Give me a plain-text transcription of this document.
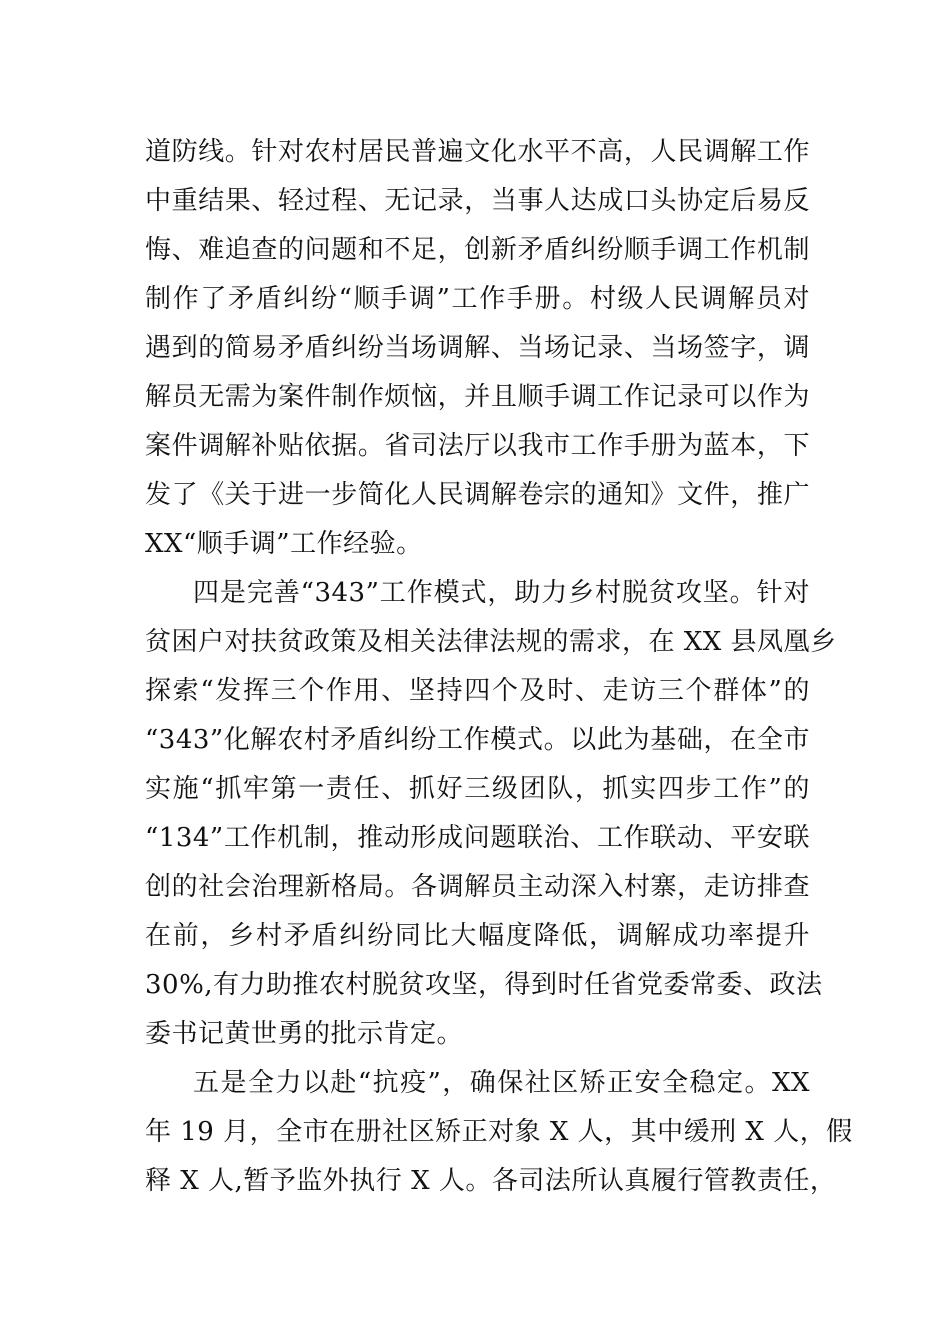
道防线。针对农村居民普遍文化水平不高，人民调解工作
中重结果、轻过程、无记录，当事人达成口头协定后易反
悔、难追查的问题和不足，创新矛盾纠纷顺手调工作机制
制作了矛盾纠纷“顺手调”工作手册。村级人民调解员对
遇到的简易矛盾纠纷当场调解、当场记录、当场签字，调
解员无需为案件制作烦恼，并且顺手调工作记录可以作为
案件调解补贴依据。省司法厅以我市工作手册为蓝本，下
发了《关于进一步简化人民调解卷宗的通知》文件，推广
XX“顺手调”工作经验。
四是完善“343”工作模式，助力乡村脱贫攻坚。针对
贫困户对扶贫政策及相关法律法规的需求，在 XX 县凤凰乡
探索“发挥三个作用、坚持四个及时、走访三个群体”的
“343”化解农村矛盾纠纷工作模式。以此为基础，在全市
实施“抓牢第一责任、抓好三级团队，抓实四步工作”的
“134”工作机制，推动形成问题联治、工作联动、平安联
创的社会治理新格局。各调解员主动深入村寨，走访排查
在前，乡村矛盾纠纷同比大幅度降低，调解成功率提升
30%,有力助推农村脱贫攻坚，得到时任省党委常委、政法
委书记黄世勇的批示肯定。
五是全力以赴“抗疫”，确保社区矫正安全稳定。XX
年 19 月，全市在册社区矫正对象 X 人，其中缓刑 X 人，假
释 X 人,暂予监外执行 X 人。各司法所认真履行管教责任，
